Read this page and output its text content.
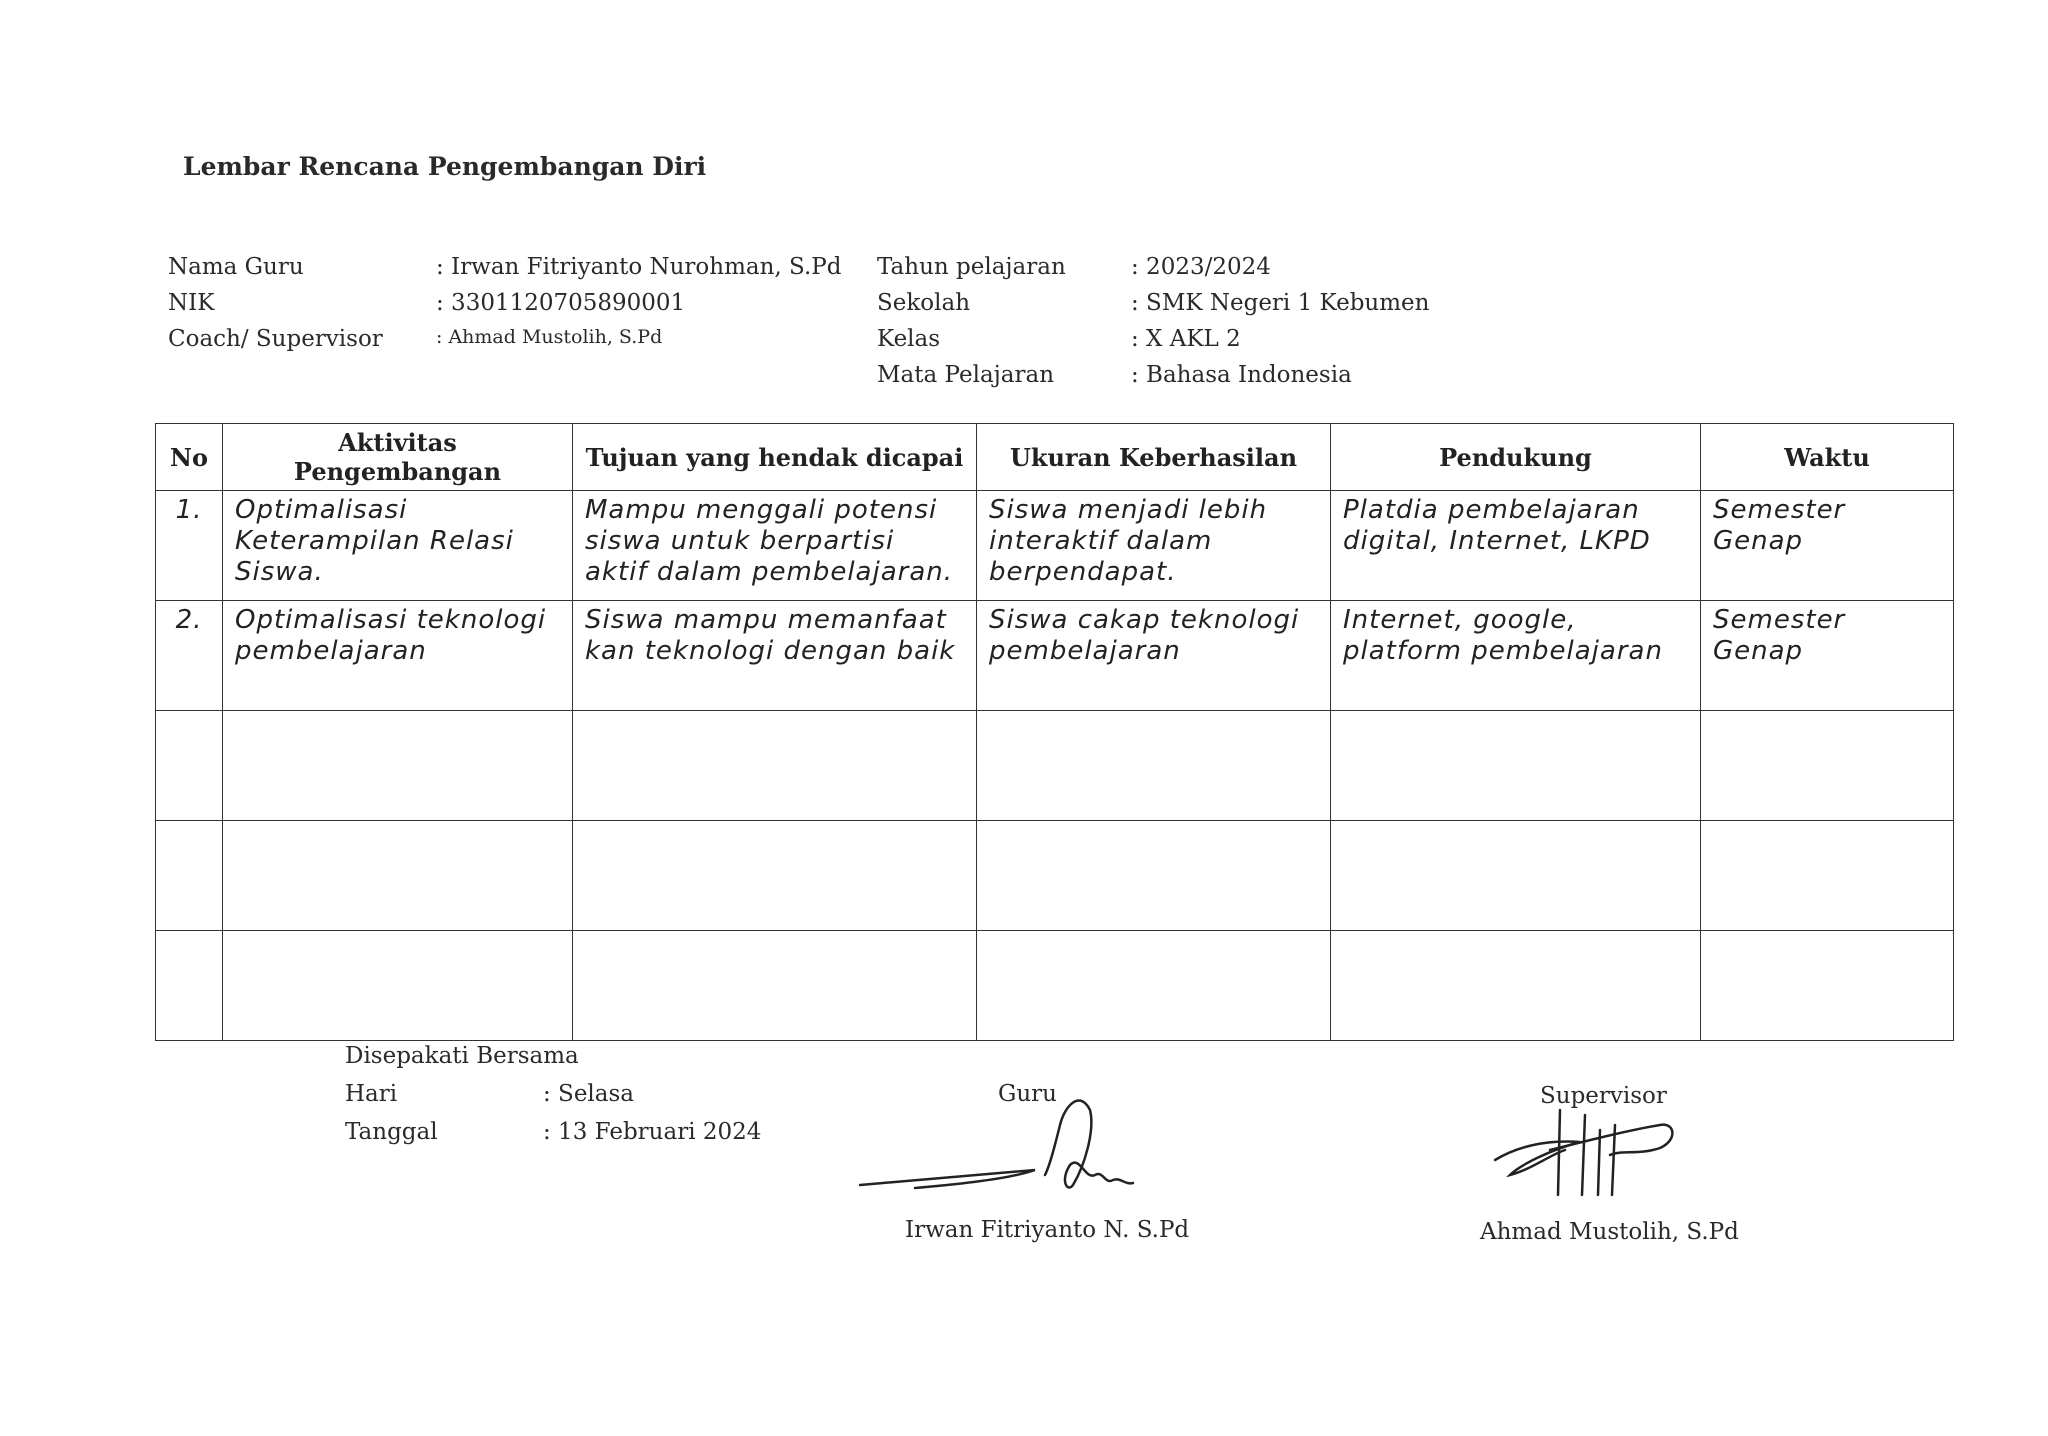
Lembar Rencana Pengembangan Diri
Nama Guru	: Irwan Fitriyanto Nurohman, S.Pd
NIK	: 3301120705890001
Coach/ Supervisor	: Ahmad Mustolih, S.Pd
Tahun pelajaran	: 2023/2024
Sekolah	: SMK Negeri 1 Kebumen
Kelas	: X AKL 2
Mata Pelajaran	: Bahasa Indonesia
No	Aktivitas Pengembangan	Tujuan yang hendak dicapai	Ukuran Keberhasilan	Pendukung	Waktu
1.	Optimalisasi Keterampilan Relasi Siswa.	Mampu menggali potensi siswa untuk berpartisi aktif dalam pembelajaran.	Siswa menjadi lebih interaktif dalam berpendapat.	Platdia pembelajaran digital, Internet, LKPD	Semester Genap
2.	Optimalisasi teknologi pembelajaran	Siswa mampu memanfaat kan teknologi dengan baik	Siswa cakap teknologi pembelajaran	Internet, google, platform pembelajaran	Semester Genap

Disepakati Bersama
Hari	: Selasa
Tanggal	: 13 Februari 2024
Guru
Irwan Fitriyanto N. S.Pd
Supervisor
Ahmad Mustolih, S.Pd
